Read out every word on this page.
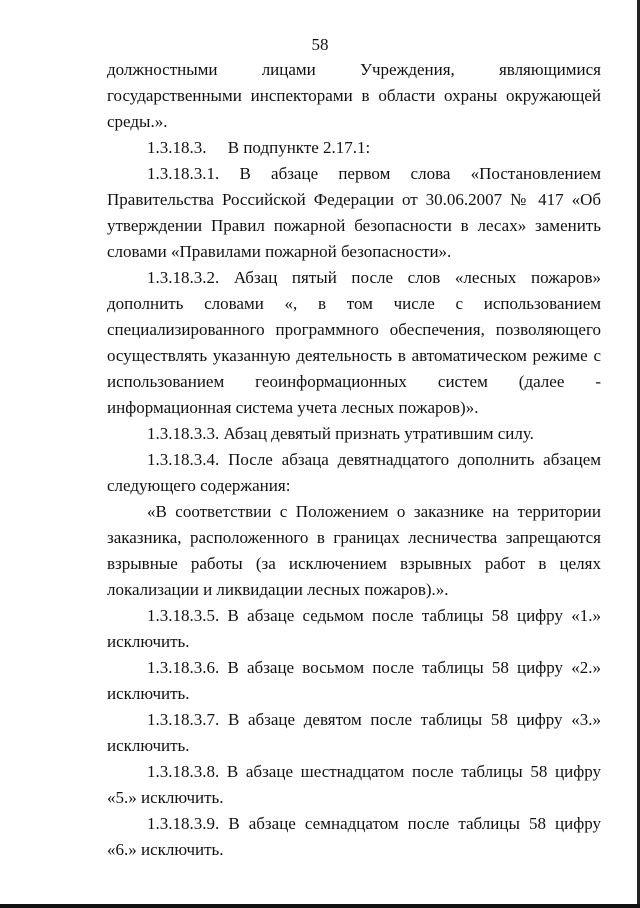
58

должностными лицами Учреждения, являющимися государственными инспекторами в области охраны окружающей среды.».

1.3.18.3.     В подпункте 2.17.1:

1.3.18.3.1. В абзаце первом слова «Постановлением Правительства Российской Федерации от 30.06.2007 № 417 «Об утверждении Правил пожарной безопасности в лесах» заменить словами «Правилами пожарной безопасности».

1.3.18.3.2. Абзац пятый после слов «лесных пожаров» дополнить словами «, в том числе с использованием специализированного программного обеспечения, позволяющего осуществлять указанную деятельность в автоматическом режиме с использованием геоинформационных систем (далее - информационная система учета лесных пожаров)».

1.3.18.3.3. Абзац девятый признать утратившим силу.

1.3.18.3.4. После абзаца девятнадцатого дополнить абзацем следующего содержания:

«В соответствии с Положением о заказнике на территории заказника, расположенного в границах лесничества запрещаются взрывные работы (за исключением взрывных работ в целях локализации и ликвидации лесных пожаров).».

1.3.18.3.5. В абзаце седьмом после таблицы 58 цифру «1.» исключить.

1.3.18.3.6. В абзаце восьмом после таблицы 58 цифру «2.» исключить.

1.3.18.3.7. В абзаце девятом после таблицы 58 цифру «3.» исключить.

1.3.18.3.8. В абзаце шестнадцатом после таблицы 58 цифру «5.» исключить.

1.3.18.3.9. В абзаце семнадцатом после таблицы 58 цифру «6.» исключить.
